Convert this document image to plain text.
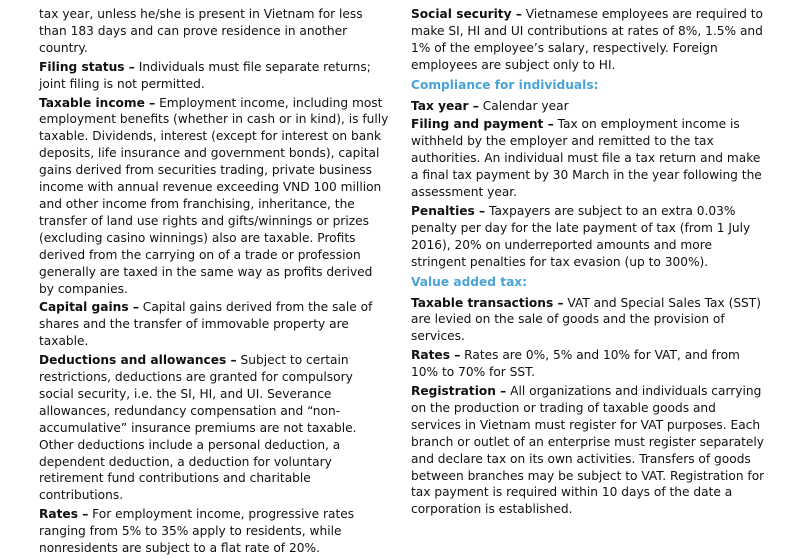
tax year, unless he/she is present in Vietnam for less than 183 days and can prove residence in another country.

Filing status – Individuals must file separate returns; joint filing is not permitted.

Taxable income – Employment income, including most employment benefits (whether in cash or in kind), is fully taxable. Dividends, interest (except for interest on bank deposits, life insurance and government bonds), capital gains derived from securities trading, private business income with annual revenue exceeding VND 100 million and other income from franchising, inheritance, the transfer of land use rights and gifts/winnings or prizes (excluding casino winnings) also are taxable. Profits derived from the carrying on of a trade or profession generally are taxed in the same way as profits derived by companies.

Capital gains – Capital gains derived from the sale of shares and the transfer of immovable property are taxable.

Deductions and allowances – Subject to certain restrictions, deductions are granted for compulsory social security, i.e. the SI, HI, and UI. Severance allowances, redundancy compensation and “non-accumulative” insurance premiums are not taxable. Other deductions include a personal deduction, a dependent deduction, a deduction for voluntary retirement fund contributions and charitable contributions.

Rates – For employment income, progressive rates ranging from 5% to 35% apply to residents, while nonresidents are subject to a flat rate of 20%.

Social security – Vietnamese employees are required to make SI, HI and UI contributions at rates of 8%, 1.5% and 1% of the employee’s salary, respectively. Foreign employees are subject only to HI.

Compliance for individuals:

Tax year – Calendar year

Filing and payment – Tax on employment income is withheld by the employer and remitted to the tax authorities. An individual must file a tax return and make a final tax payment by 30 March in the year following the assessment year.

Penalties – Taxpayers are subject to an extra 0.03% penalty per day for the late payment of tax (from 1 July 2016), 20% on underreported amounts and more stringent penalties for tax evasion (up to 300%).

Value added tax:

Taxable transactions – VAT and Special Sales Tax (SST) are levied on the sale of goods and the provision of services.

Rates – Rates are 0%, 5% and 10% for VAT, and from 10% to 70% for SST.

Registration – All organizations and individuals carrying on the production or trading of taxable goods and services in Vietnam must register for VAT purposes. Each branch or outlet of an enterprise must register separately and declare tax on its own activities. Transfers of goods between branches may be subject to VAT. Registration for tax payment is required within 10 days of the date a corporation is established.
